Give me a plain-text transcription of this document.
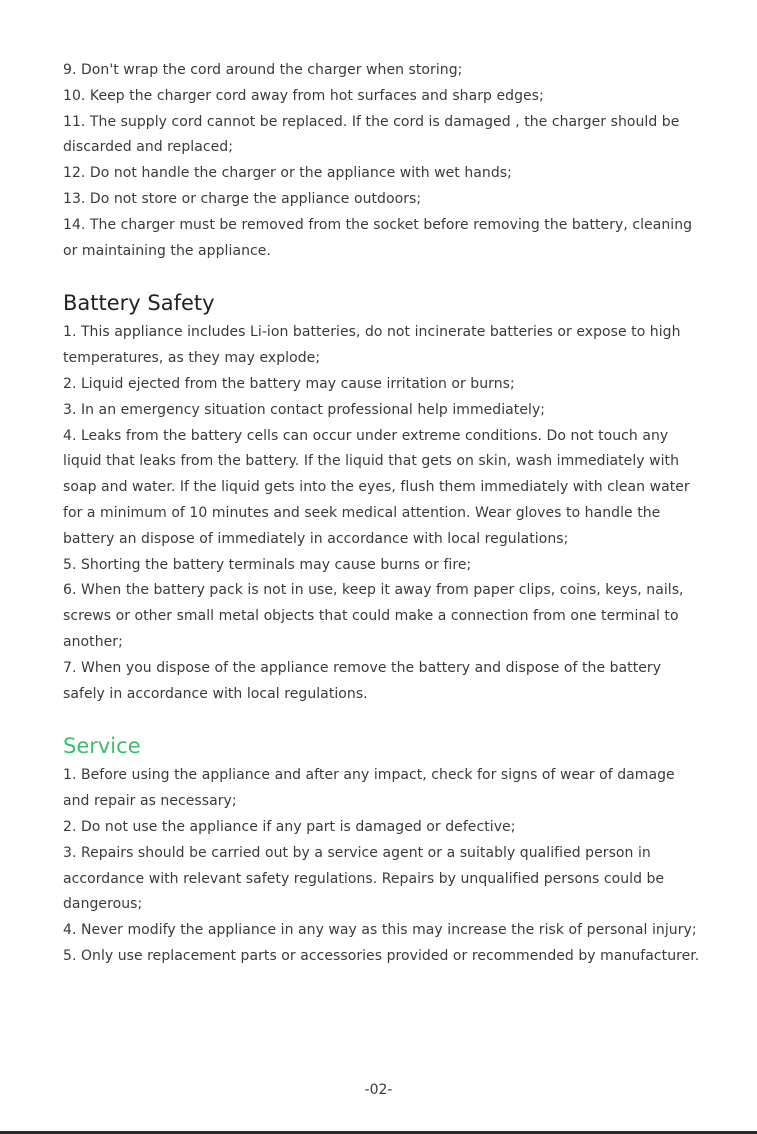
9. Don't wrap the cord around the charger when storing;

10. Keep the charger cord away from hot surfaces and sharp edges;

11. The supply cord cannot be replaced. If the cord is damaged , the charger should be

discarded and replaced;

12. Do not handle the charger or the appliance with wet hands;

13. Do not store or charge the appliance outdoors;

14. The charger must be removed from the socket before removing the battery, cleaning

or maintaining the appliance.

Battery Safety

1. This appliance includes Li-ion batteries, do not incinerate batteries or expose to high

temperatures, as they may explode;

2. Liquid ejected from the battery may cause irritation or burns;

3. In an emergency situation contact professional help immediately;

4. Leaks from the battery cells can occur under extreme conditions. Do not touch any

liquid that leaks from the battery. If the liquid that gets on skin, wash immediately with

soap and water. If the liquid gets into the eyes, flush them immediately with clean water

for a minimum of 10 minutes and seek medical attention. Wear gloves to handle the

battery an dispose of immediately in accordance with local regulations;

5. Shorting the battery terminals may cause burns or fire;

6. When the battery pack is not in use, keep it away from paper clips, coins, keys, nails,

screws or other small metal objects that could make a connection from one terminal to

another;

7. When you dispose of the appliance remove the battery and dispose of the battery

safely in accordance with local regulations.

Service

1. Before using the appliance and after any impact, check for signs of wear of damage

and repair as necessary;

2. Do not use the appliance if any part is damaged or defective;

3. Repairs should be carried out by a service agent or a suitably qualified person in

accordance with relevant safety regulations. Repairs by unqualified persons could be

dangerous;

4. Never modify the appliance in any way as this may increase the risk of personal injury;

5. Only use replacement parts or accessories provided or recommended by manufacturer.

-02-
